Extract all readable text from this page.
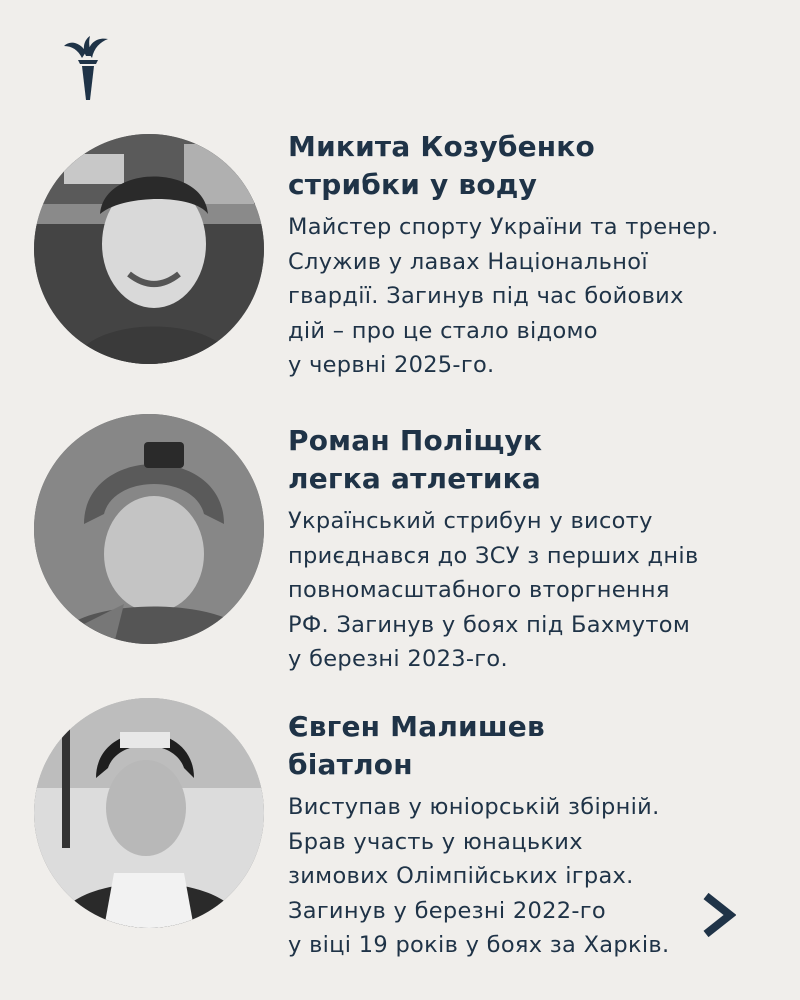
Микита Козубенко
стрибки у воду
Майстер спорту України та тренер.
Служив у лавах Національної
гвардії. Загинув під час бойових
дій – про це стало відомо
у червні 2025-го.
Роман Поліщук
легка атлетика
Український стрибун у висоту
приєднався до ЗСУ з перших днів
повномасштабного вторгнення
РФ. Загинув у боях під Бахмутом
у березні 2023-го.
Євген Малишев
біатлон
Виступав у юніорській збірній.
Брав участь у юнацьких
зимових Олімпійських іграх.
Загинув у березні 2022-го
у віці 19 років у боях за Харків.
